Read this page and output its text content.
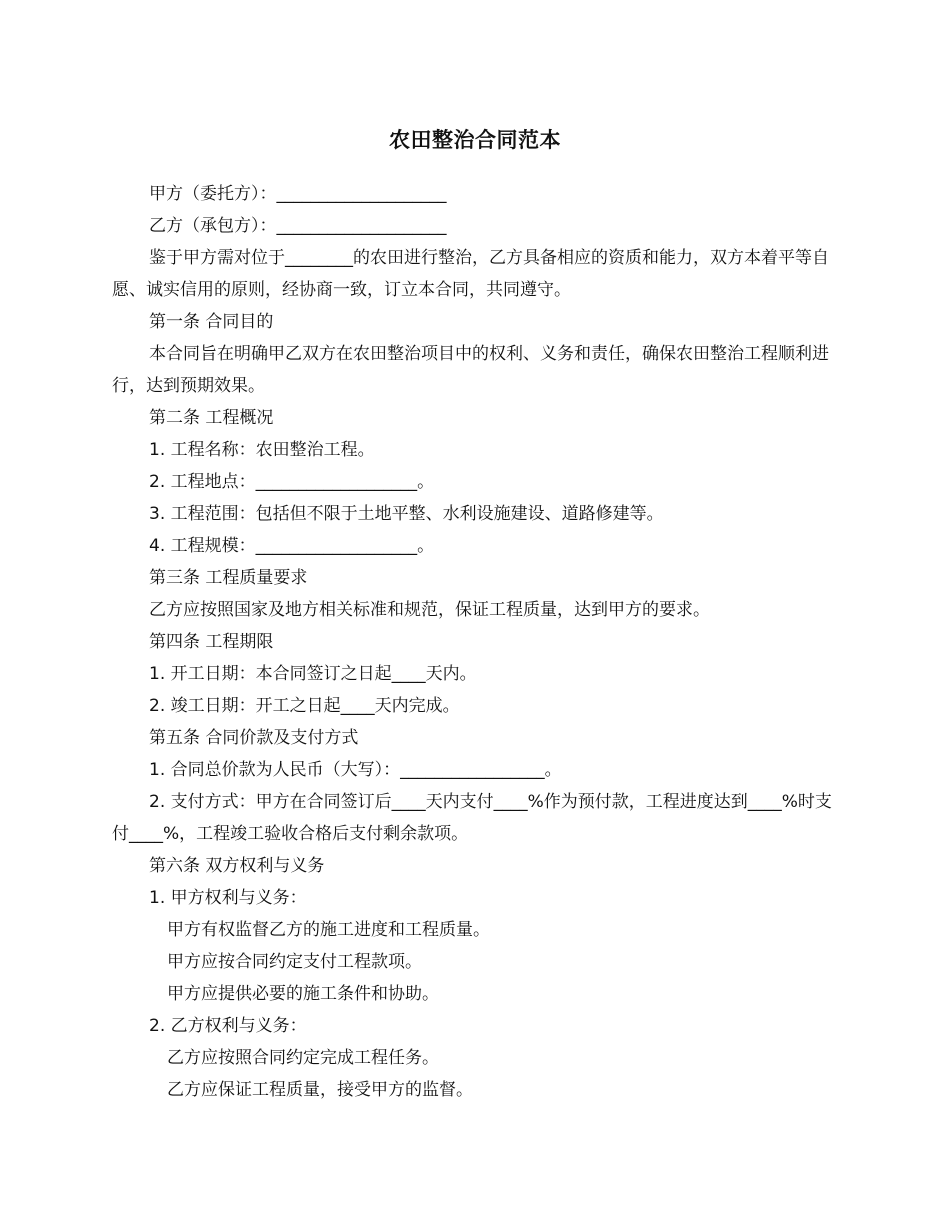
农田整治合同范本

甲方（委托方）：____________________

乙方（承包方）：____________________

鉴于甲方需对位于________的农田进行整治，乙方具备相应的资质和能力，双方本着平等自愿、诚实信用的原则，经协商一致，订立本合同，共同遵守。

第一条 合同目的

本合同旨在明确甲乙双方在农田整治项目中的权利、义务和责任，确保农田整治工程顺利进行，达到预期效果。

第二条 工程概况

1. 工程名称：农田整治工程。

2. 工程地点：___________________。

3. 工程范围：包括但不限于土地平整、水利设施建设、道路修建等。

4. 工程规模：___________________。

第三条 工程质量要求

乙方应按照国家及地方相关标准和规范，保证工程质量，达到甲方的要求。

第四条 工程期限

1. 开工日期：本合同签订之日起____天内。

2. 竣工日期：开工之日起____天内完成。

第五条 合同价款及支付方式

1. 合同总价款为人民币（大写）：_________________。

2. 支付方式：甲方在合同签订后____天内支付____%作为预付款，工程进度达到____%时支付____%，工程竣工验收合格后支付剩余款项。

第六条 双方权利与义务

1. 甲方权利与义务：

甲方有权监督乙方的施工进度和工程质量。

甲方应按合同约定支付工程款项。

甲方应提供必要的施工条件和协助。

2. 乙方权利与义务：

乙方应按照合同约定完成工程任务。

乙方应保证工程质量，接受甲方的监督。
